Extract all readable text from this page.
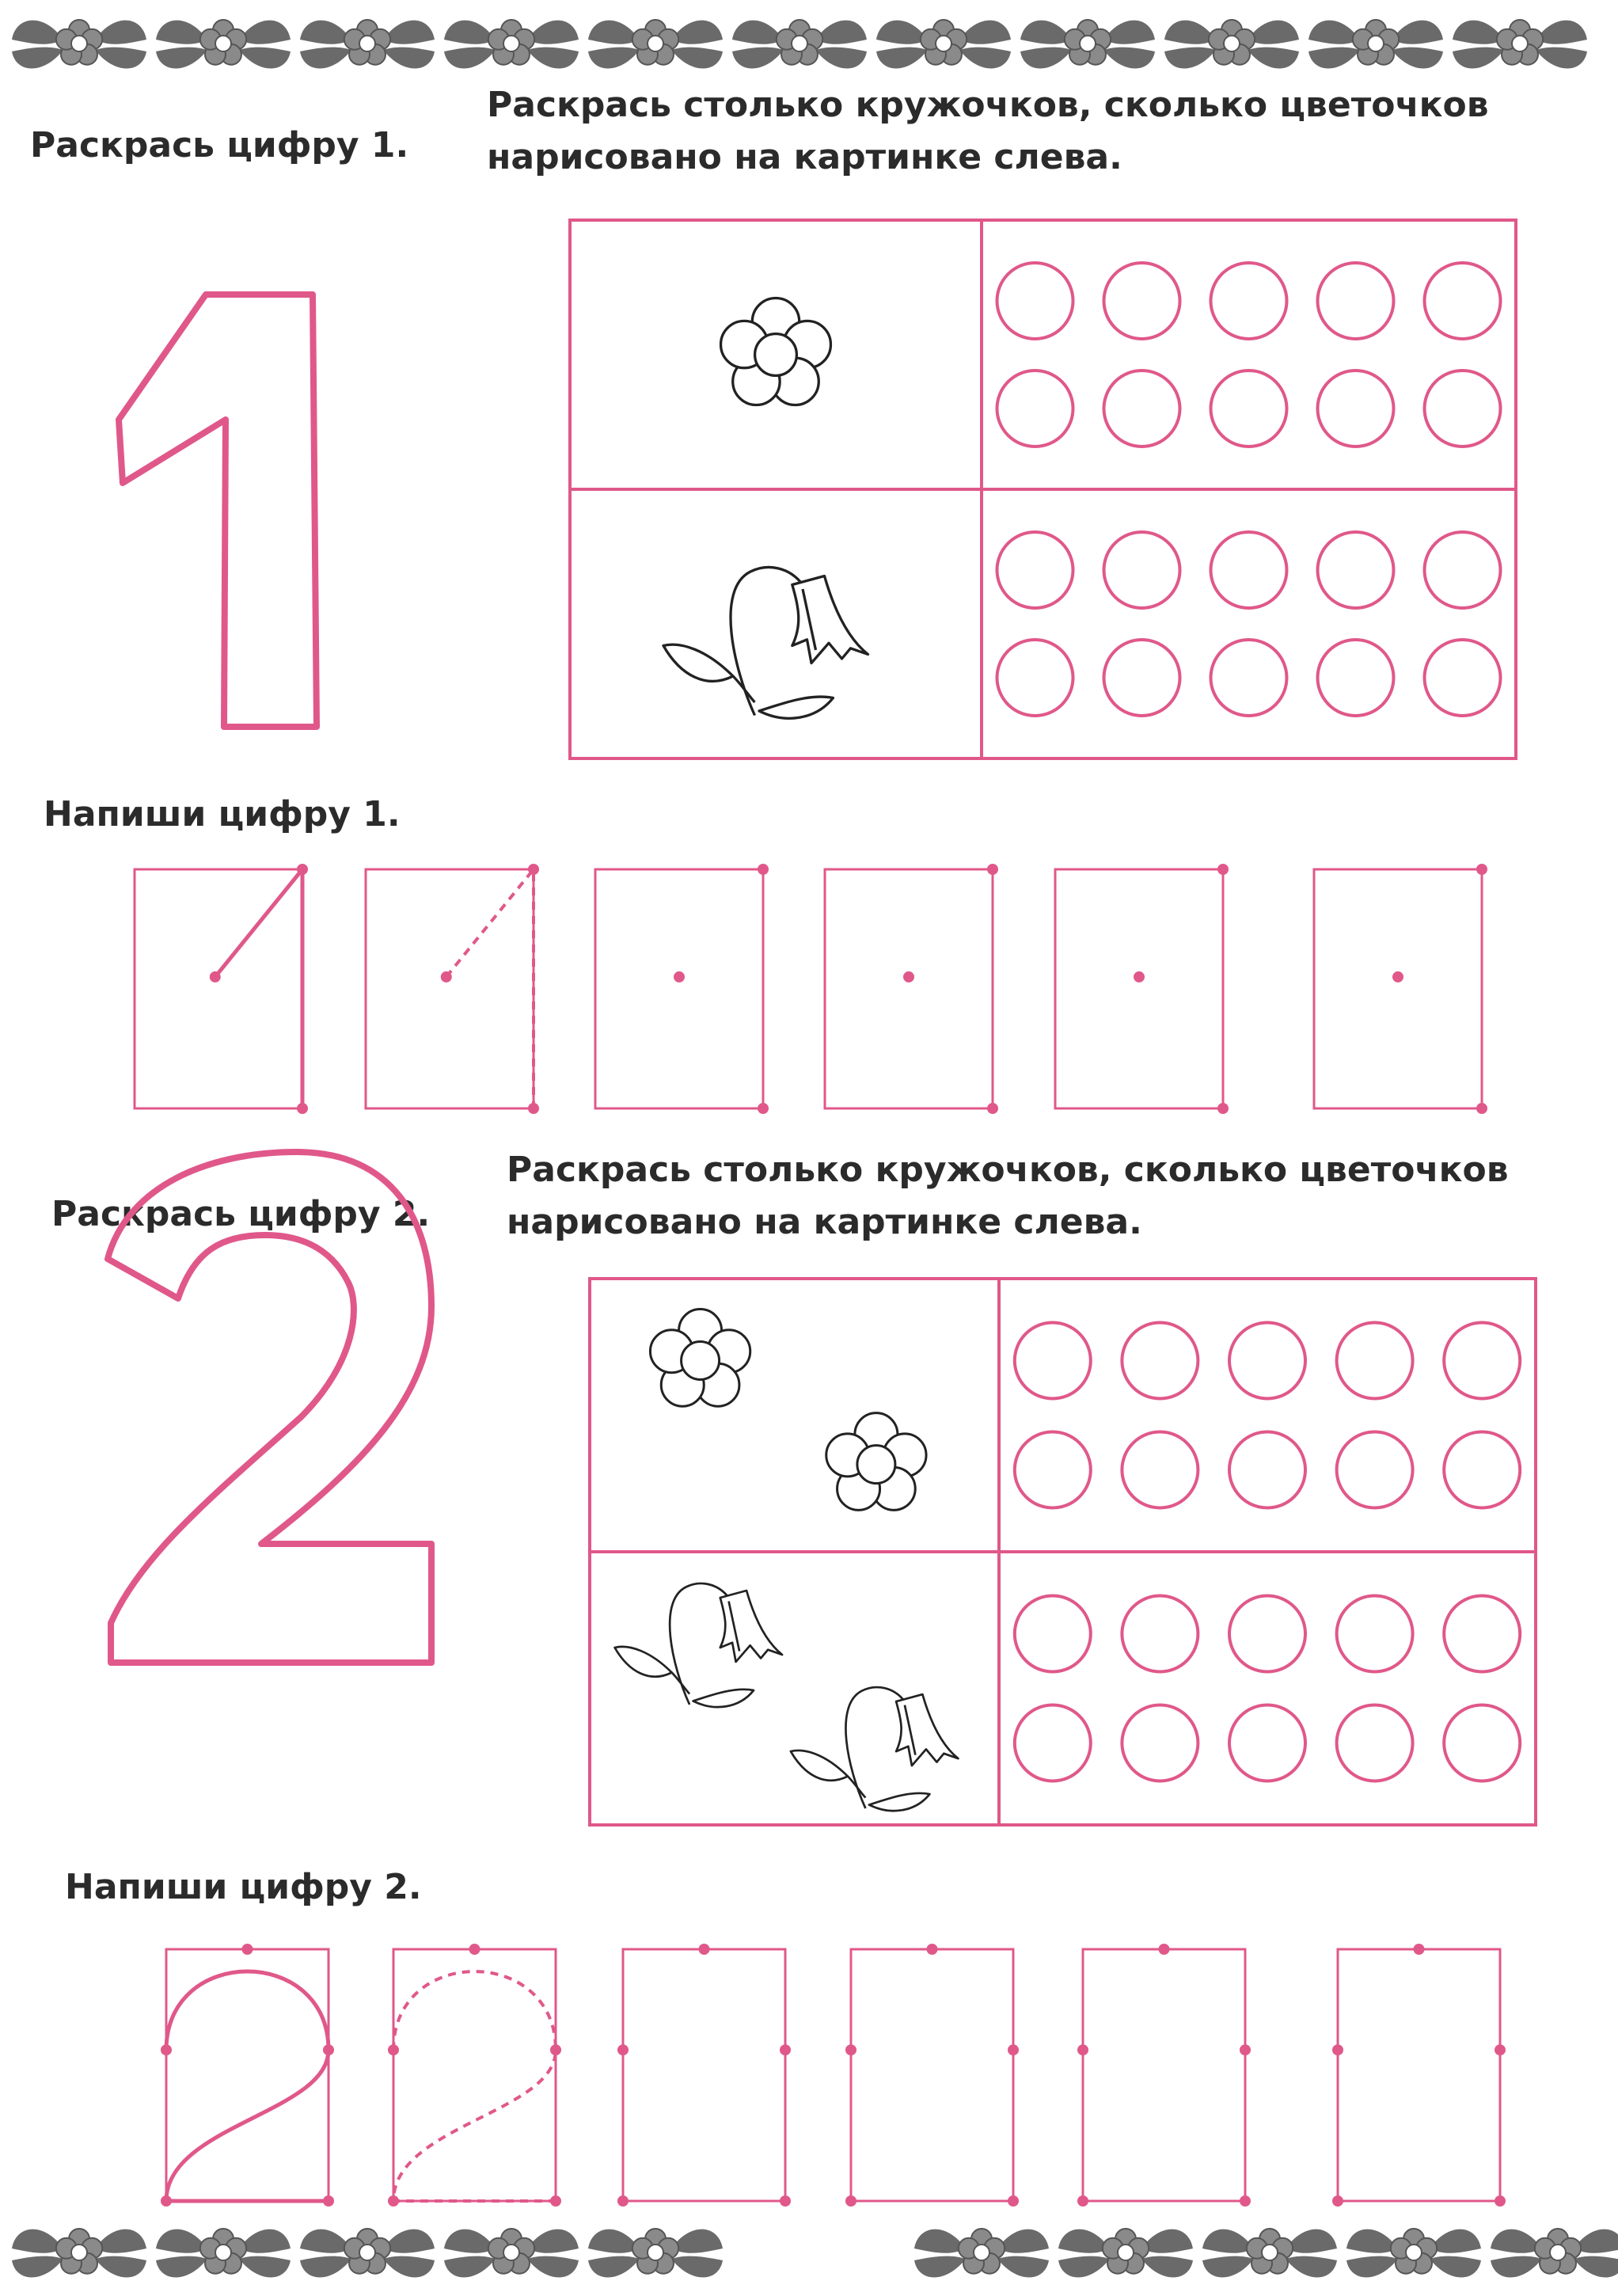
Раскрась цифру 1.
Раскрась столько кружочков, сколько цветочков
нарисовано на картинке слева.
Напиши цифру 1.
Раскрась цифру 2.
Раскрась столько кружочков, сколько цветочков
нарисовано на картинке слева.
Напиши цифру 2.
